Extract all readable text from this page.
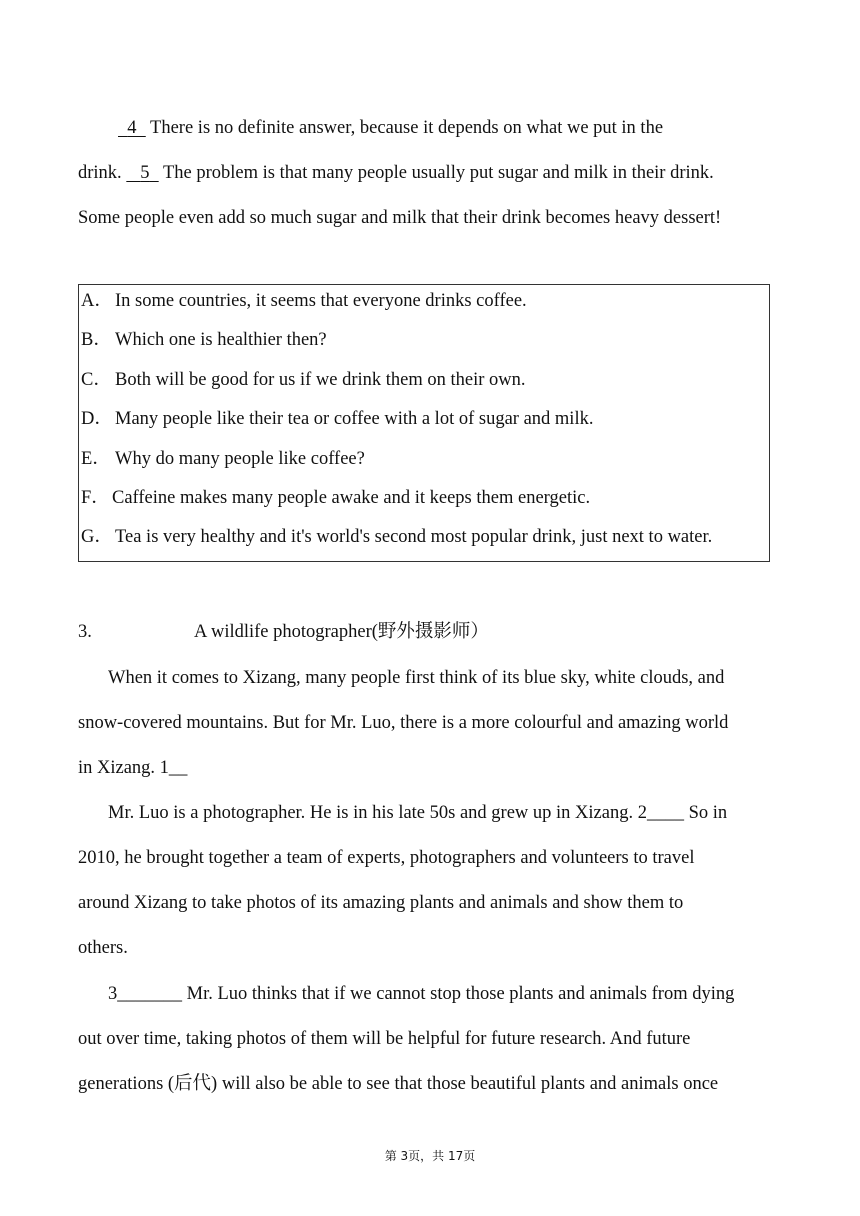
4 There is no definite answer, because it depends on what we put in the
drink. 5 The problem is that many people usually put sugar and milk in their drink.
Some people even add so much sugar and milk that their drink becomes heavy dessert!
A． In some countries, it seems that everyone drinks coffee.
B． Which one is healthier then?
C． Both will be good for us if we drink them on their own.
D． Many people like their tea or coffee with a lot of sugar and milk.
E． Why do many people like coffee?
F． Caffeine makes many people awake and it keeps them energetic.
G． Tea is very healthy and it's world's second most popular drink, just next to water.
3.	A wildlife photographer(野外摄影师）
When it comes to Xizang, many people first think of its blue sky, white clouds, and
snow-covered mountains. But for Mr. Luo, there is a more colourful and amazing world
in Xizang. 1__
Mr. Luo is a photographer. He is in his late 50s and grew up in Xizang. 2____ So in
2010, he brought together a team of experts, photographers and volunteers to travel
around Xizang to take photos of its amazing plants and animals and show them to
others.
3_______ Mr. Luo thinks that if we cannot stop those plants and animals from dying
out over time, taking photos of them will be helpful for future research. And future
generations (后代) will also be able to see that those beautiful plants and animals once
第 3页，共 17页
